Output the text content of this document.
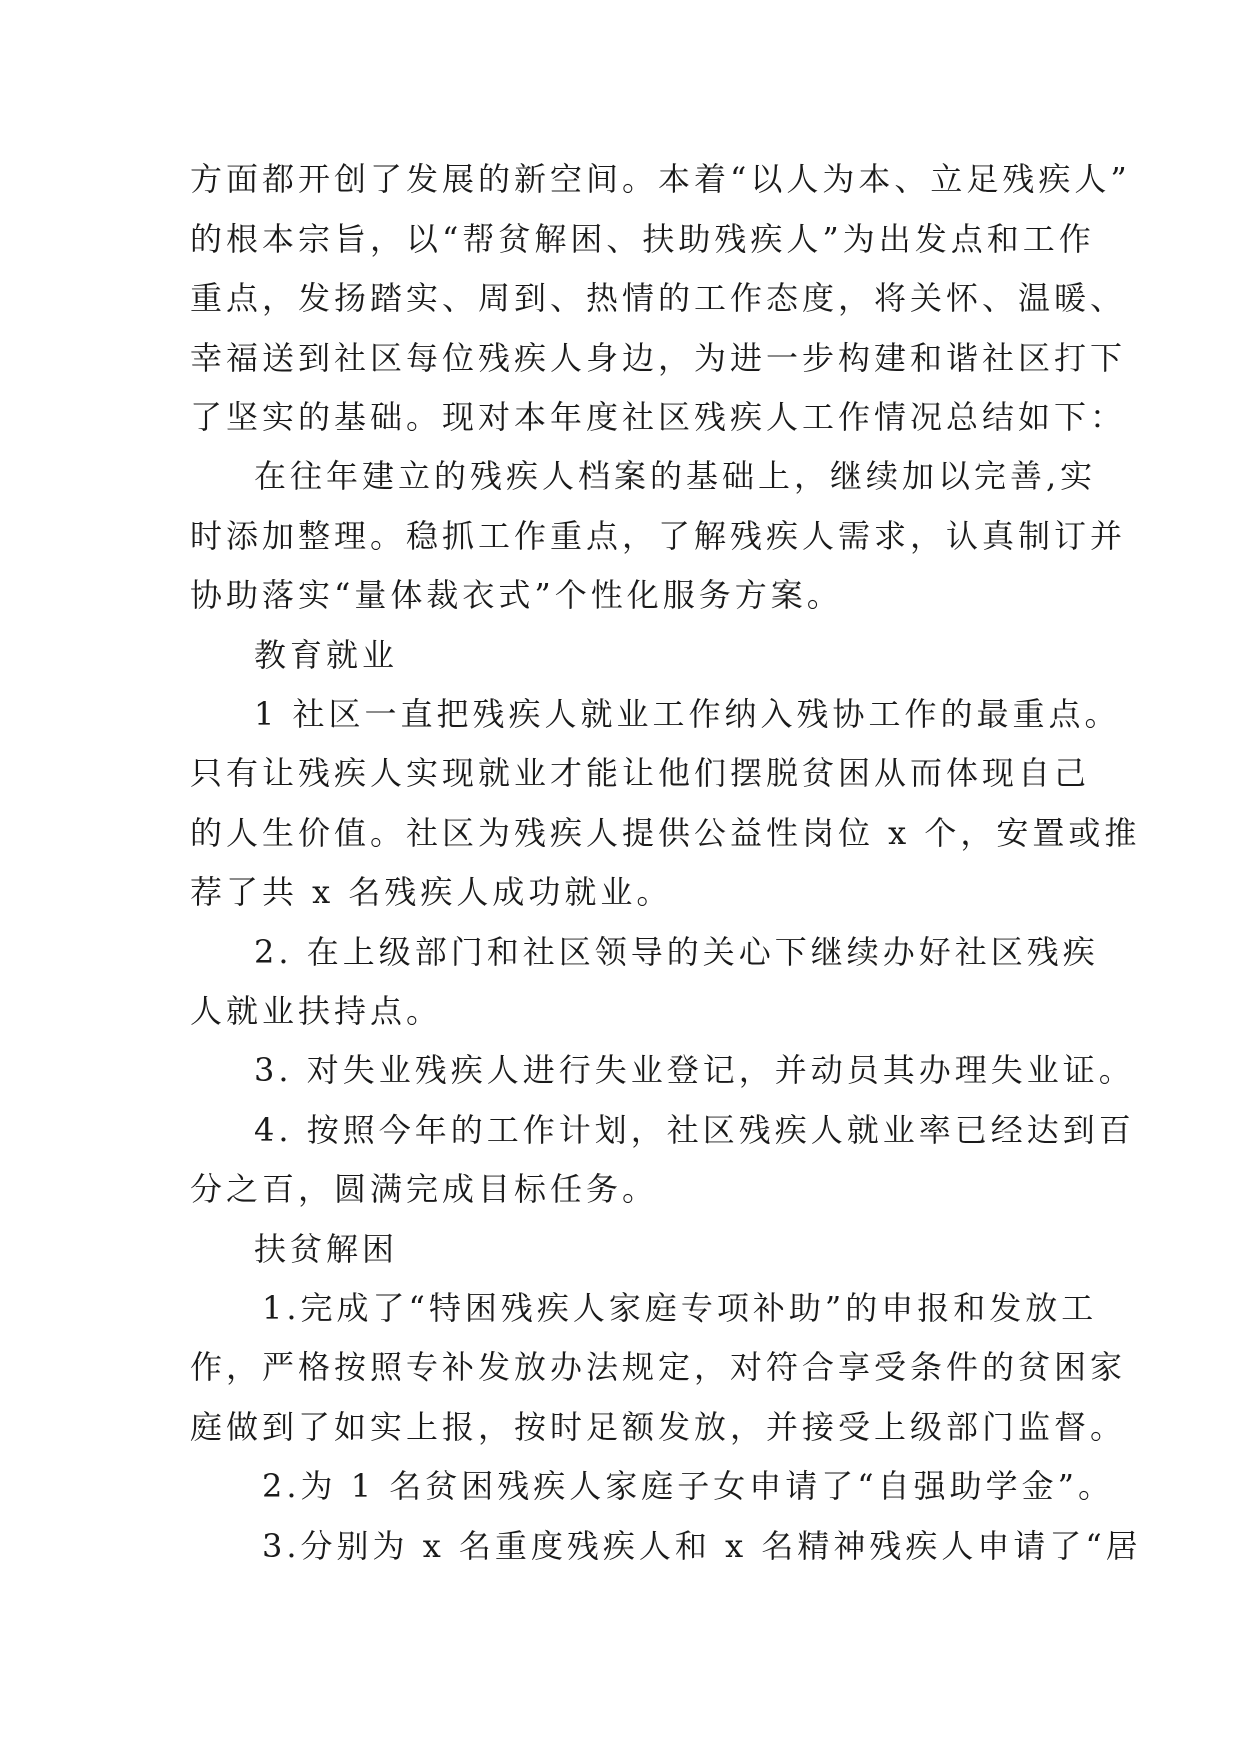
方面都开创了发展的新空间。本着“以人为本、立足残疾人”
的根本宗旨，以“帮贫解困、扶助残疾人”为出发点和工作
重点，发扬踏实、周到、热情的工作态度，将关怀、温暖、
幸福送到社区每位残疾人身边，为进一步构建和谐社区打下
了坚实的基础。现对本年度社区残疾人工作情况总结如下：
在往年建立的残疾人档案的基础上，继续加以完善,实
时添加整理。稳抓工作重点，了解残疾人需求，认真制订并
协助落实“量体裁衣式”个性化服务方案。
教育就业
1 社区一直把残疾人就业工作纳入残协工作的最重点。
只有让残疾人实现就业才能让他们摆脱贫困从而体现自己
的人生价值。社区为残疾人提供公益性岗位 x 个，安置或推
荐了共 x 名残疾人成功就业。
2. 在上级部门和社区领导的关心下继续办好社区残疾
人就业扶持点。
3. 对失业残疾人进行失业登记，并动员其办理失业证。
4. 按照今年的工作计划，社区残疾人就业率已经达到百
分之百，圆满完成目标任务。
扶贫解困
1.完成了“特困残疾人家庭专项补助”的申报和发放工
作，严格按照专补发放办法规定，对符合享受条件的贫困家
庭做到了如实上报，按时足额发放，并接受上级部门监督。
2.为 1 名贫困残疾人家庭子女申请了“自强助学金”。
3.分别为 x 名重度残疾人和 x 名精神残疾人申请了“居
